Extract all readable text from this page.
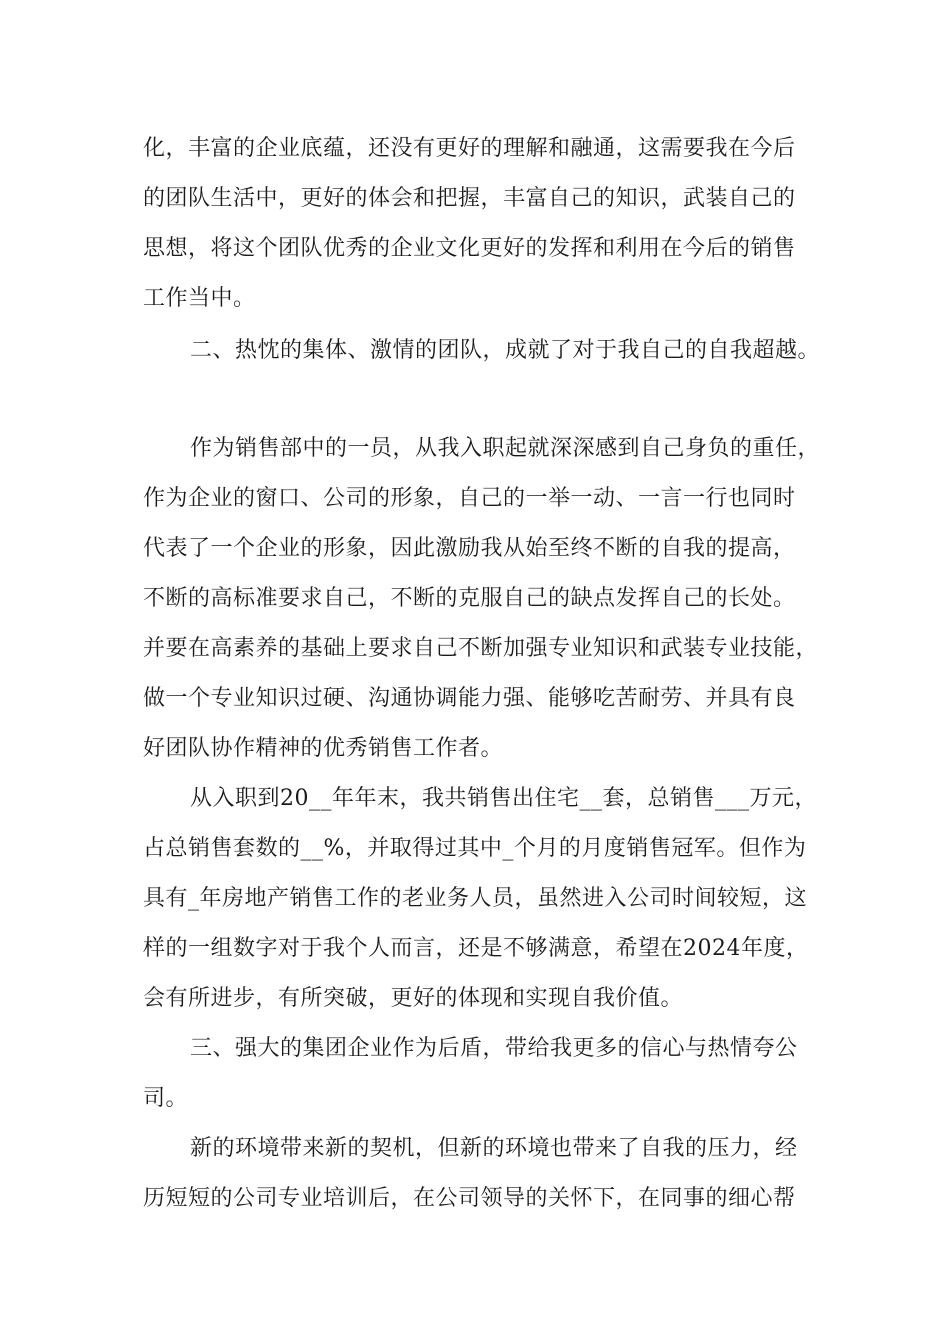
化，丰富的企业底蕴，还没有更好的理解和融通，这需要我在今后
的团队生活中，更好的体会和把握，丰富自己的知识，武装自己的
思想，将这个团队优秀的企业文化更好的发挥和利用在今后的销售
工作当中。
二、热忱的集体、激情的团队，成就了对于我自己的自我超越。
作为销售部中的一员，从我入职起就深深感到自己身负的重任，
作为企业的窗口、公司的形象，自己的一举一动、一言一行也同时
代表了一个企业的形象，因此激励我从始至终不断的自我的提高，
不断的高标准要求自己，不断的克服自己的缺点发挥自己的长处。
并要在高素养的基础上要求自己不断加强专业知识和武装专业技能，
做一个专业知识过硬、沟通协调能力强、能够吃苦耐劳、并具有良
好团队协作精神的优秀销售工作者。
从入职到20__年年末，我共销售出住宅__套，总销售___万元，
占总销售套数的__%，并取得过其中_个月的月度销售冠军。但作为
具有_年房地产销售工作的老业务人员，虽然进入公司时间较短，这
样的一组数字对于我个人而言，还是不够满意，希望在2024年度，
会有所进步，有所突破，更好的体现和实现自我价值。
三、强大的集团企业作为后盾，带给我更多的信心与热情夸公
司。
新的环境带来新的契机，但新的环境也带来了自我的压力，经
历短短的公司专业培训后，在公司领导的关怀下，在同事的细心帮
